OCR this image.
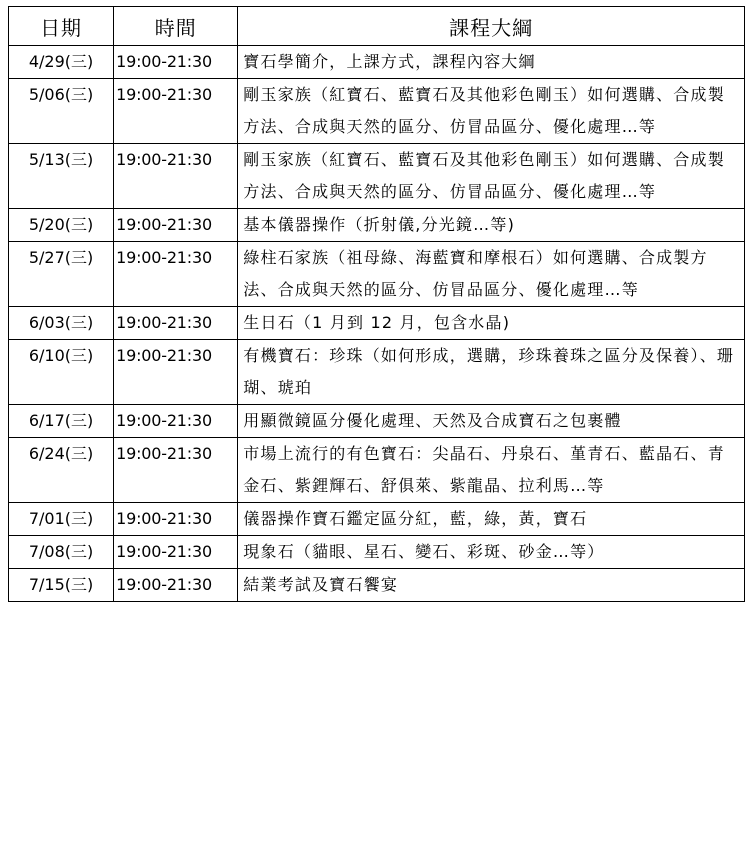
日期	時間	課程大綱
4/29(三)	19:00-21:30	寶石學簡介，上課方式，課程內容大綱
5/06(三)	19:00-21:30	剛玉家族（紅寶石、藍寶石及其他彩色剛玉）如何選購、合成製方法、合成與天然的區分、仿冒品區分、優化處理…等
5/13(三)	19:00-21:30	剛玉家族（紅寶石、藍寶石及其他彩色剛玉）如何選購、合成製方法、合成與天然的區分、仿冒品區分、優化處理…等
5/20(三)	19:00-21:30	基本儀器操作（折射儀,分光鏡…等)
5/27(三)	19:00-21:30	綠柱石家族（祖母綠、海藍寶和摩根石）如何選購、合成製方法、合成與天然的區分、仿冒品區分、優化處理…等
6/03(三)	19:00-21:30	生日石（1 月到 12 月，包含水晶)
6/10(三)	19:00-21:30	有機寶石：珍珠（如何形成，選購，珍珠養珠之區分及保養）、珊瑚、琥珀
6/17(三)	19:00-21:30	用顯微鏡區分優化處理、天然及合成寶石之包裹體
6/24(三)	19:00-21:30	市場上流行的有色寶石：尖晶石、丹泉石、堇青石、藍晶石、青金石、紫鋰輝石、舒俱萊、紫龍晶、拉利馬…等
7/01(三)	19:00-21:30	儀器操作寶石鑑定區分紅，藍，綠，黃，寶石
7/08(三)	19:00-21:30	現象石（貓眼、星石、變石、彩斑、砂金…等）
7/15(三)	19:00-21:30	結業考試及寶石饗宴
